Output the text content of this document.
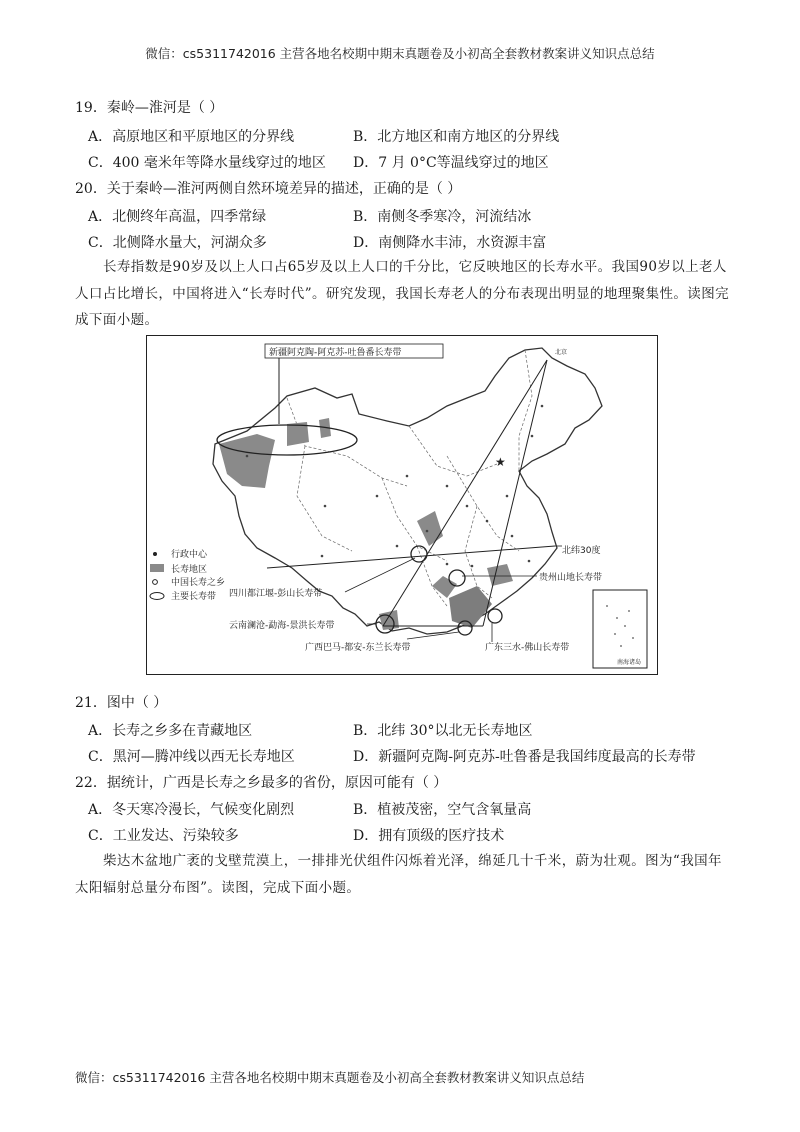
微信：cs5311742016 主营各地名校期中期末真题卷及小初高全套教材教案讲义知识点总结
19．秦岭—淮河是（ ）
A．高原地区和平原地区的分界线	B．北方地区和南方地区的分界线
C．400 毫米年等降水量线穿过的地区 D．7 月 0°C等温线穿过的地区
20．关于秦岭—淮河两侧自然环境差异的描述，正确的是（ ）
A．北侧终年高温，四季常绿	B．南侧冬季寒冷，河流结冰
C．北侧降水量大，河湖众多	D．南侧降水丰沛，水资源丰富
长寿指数是90岁及以上人口占65岁及以上人口的千分比，它反映地区的长寿水平。我国90岁以上老人人口占比增长，中国将进入“长寿时代”。研究发现，我国长寿老人的分布表现出明显的地理聚集性。读图完成下面小题。
★
新疆阿克陶-阿克苏-吐鲁番长寿带
北纬30度
贵州山地长寿带
四川都江堰-彭山长寿带
云南澜沧-勐海-景洪长寿带
广西巴马-都安-东兰长寿带	广东三水-佛山长寿带
行政中心
长寿地区
中国长寿之乡
主要长寿带
南海诸岛
北京
21．图中（ ）
A．长寿之乡多在青藏地区	B．北纬 30°以北无长寿地区
C．黑河—腾冲线以西无长寿地区	D．新疆阿克陶-阿克苏-吐鲁番是我国纬度最高的长寿带
22．据统计，广西是长寿之乡最多的省份，原因可能有（ ）
A．冬天寒冷漫长，气候变化剧烈	B．植被茂密，空气含氧量高
C．工业发达、污染较多	D．拥有顶级的医疗技术
柴达木盆地广袤的戈壁荒漠上，一排排光伏组件闪烁着光泽，绵延几十千米，蔚为壮观。图为“我国年太阳辐射总量分布图”。读图，完成下面小题。
微信：cs5311742016 主营各地名校期中期末真题卷及小初高全套教材教案讲义知识点总结
